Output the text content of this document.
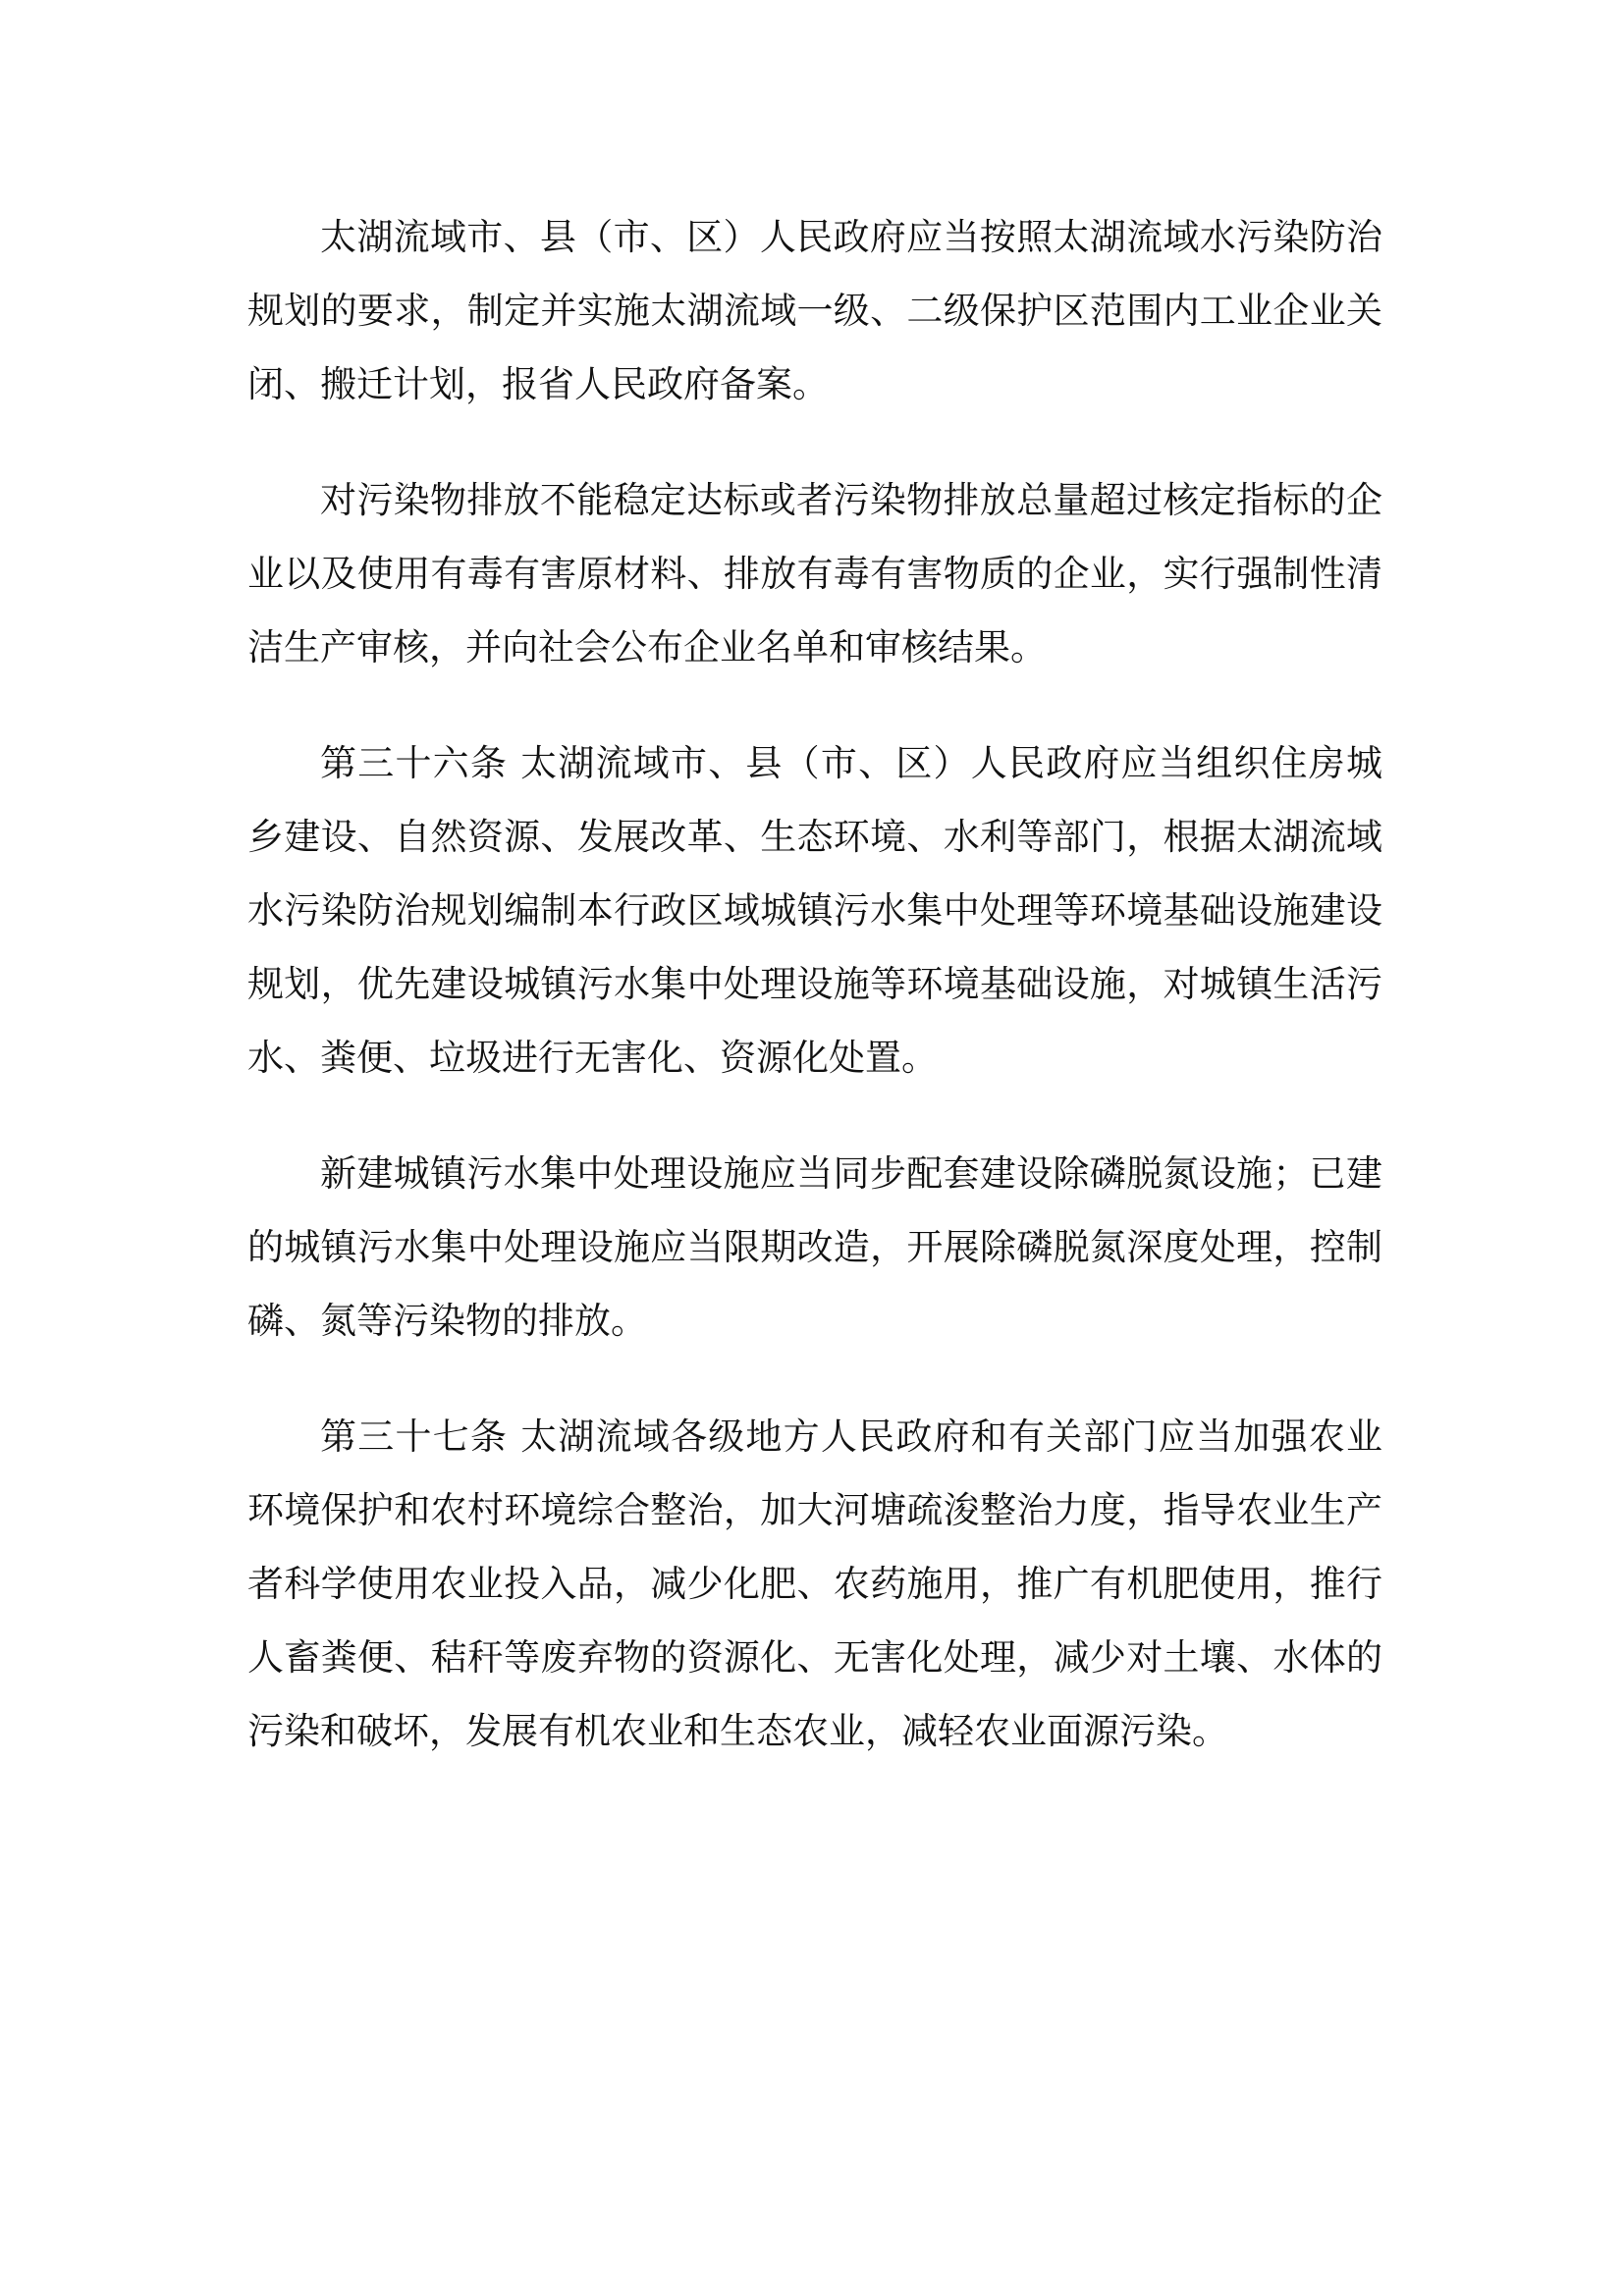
太湖流域市、县（市、区）人民政府应当按照太湖流域水污染防治规划的要求，制定并实施太湖流域一级、二级保护区范围内工业企业关闭、搬迁计划，报省人民政府备案。

对污染物排放不能稳定达标或者污染物排放总量超过核定指标的企业以及使用有毒有害原材料、排放有毒有害物质的企业，实行强制性清洁生产审核，并向社会公布企业名单和审核结果。

第三十六条 太湖流域市、县（市、区）人民政府应当组织住房城乡建设、自然资源、发展改革、生态环境、水利等部门，根据太湖流域水污染防治规划编制本行政区域城镇污水集中处理等环境基础设施建设规划，优先建设城镇污水集中处理设施等环境基础设施，对城镇生活污水、粪便、垃圾进行无害化、资源化处置。

新建城镇污水集中处理设施应当同步配套建设除磷脱氮设施；已建的城镇污水集中处理设施应当限期改造，开展除磷脱氮深度处理，控制磷、氮等污染物的排放。

第三十七条 太湖流域各级地方人民政府和有关部门应当加强农业环境保护和农村环境综合整治，加大河塘疏浚整治力度，指导农业生产者科学使用农业投入品，减少化肥、农药施用，推广有机肥使用，推行人畜粪便、秸秆等废弃物的资源化、无害化处理，减少对土壤、水体的污染和破坏，发展有机农业和生态农业，减轻农业面源污染。
